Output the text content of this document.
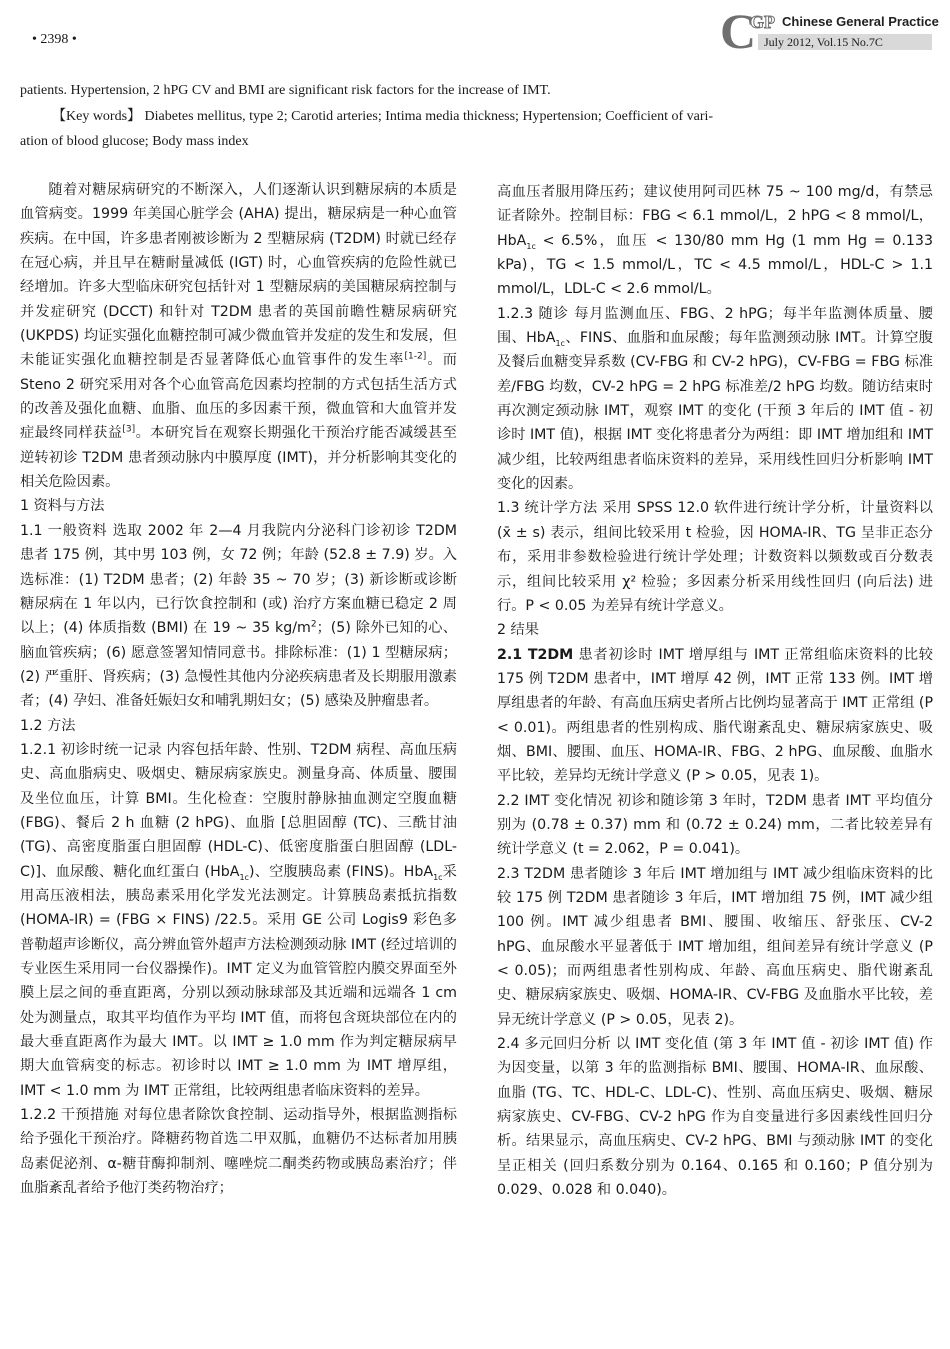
• 2398 •	C
GP Chinese General Practice
July 2012, Vol.15 No.7C
patients. Hypertension, 2 hPG CV and BMI are significant risk factors for the increase of IMT.
【Key words】 Diabetes mellitus, type 2; Carotid arteries; Intima media thickness; Hypertension; Coefficient of vari-
ation of blood glucose; Body mass index

随着对糖尿病研究的不断深入，人们逐渐认识到糖尿病的本质是血管病变。1999 年美国心脏学会 (AHA) 提出，糖尿病是一种心血管疾病。在中国，许多患者刚被诊断为 2 型糖尿病 (T2DM) 时就已经存在冠心病，并且早在糖耐量减低 (IGT) 时，心血管疾病的危险性就已经增加。许多大型临床研究包括针对 1 型糖尿病的美国糖尿病控制与并发症研究 (DCCT) 和针对 T2DM 患者的英国前瞻性糖尿病研究 (UKPDS) 均证实强化血糖控制可减少微血管并发症的发生和发展，但未能证实强化血糖控制是否显著降低心血管事件的发生率[1-2]。而 Steno 2 研究采用对各个心血管高危因素均控制的方式包括生活方式的改善及强化血糖、血脂、血压的多因素干预，微血管和大血管并发症最终同样获益[3]。本研究旨在观察长期强化干预治疗能否减缓甚至逆转初诊 T2DM 患者颈动脉内中膜厚度 (IMT)，并分析影响其变化的相关危险因素。

1 资料与方法

1.1 一般资料 选取 2002 年 2—4 月我院内分泌科门诊初诊 T2DM 患者 175 例，其中男 103 例，女 72 例；年龄 (52.8 ± 7.9) 岁。入选标准：(1) T2DM 患者；(2) 年龄 35 ~ 70 岁；(3) 新诊断或诊断糖尿病在 1 年以内，已行饮食控制和 (或) 治疗方案血糖已稳定 2 周以上；(4) 体质指数 (BMI) 在 19 ~ 35 $kg/m^2$；(5) 除外已知的心、脑血管疾病；(6) 愿意签署知情同意书。排除标准：(1) 1 型糖尿病；(2) 严重肝、肾疾病；(3) 急慢性其他内分泌疾病患者及长期服用激素者；(4) 孕妇、准备妊娠妇女和哺乳期妇女；(5) 感染及肿瘤患者。

1.2 方法

1.2.1 初诊时统一记录 内容包括年龄、性别、T2DM 病程、高血压病史、高血脂病史、吸烟史、糖尿病家族史。测量身高、体质量、腰围及坐位血压，计算 BMI。生化检查：空腹肘静脉抽血测定空腹血糖 (FBG)、餐后 2 h 血糖 (2 hPG)、血脂 [总胆固醇 (TC)、三酰甘油 (TG)、高密度脂蛋白胆固醇 (HDL-C)、低密度脂蛋白胆固醇 (LDL-C)]、血尿酸、糖化血红蛋白 (HbA$_{1c}$)、空腹胰岛素 (FINS)。HbA$_{1c}$采用高压液相法，胰岛素采用化学发光法测定。计算胰岛素抵抗指数 (HOMA-IR) = (FBG × FINS) /22.5。采用 GE 公司 Logis9 彩色多普勒超声诊断仪，高分辨血管外超声方法检测颈动脉 IMT (经过培训的专业医生采用同一台仪器操作)。IMT 定义为血管管腔内膜交界面至外膜上层之间的垂直距离，分别以颈动脉球部及其近端和远端各 1 cm 处为测量点，取其平均值作为平均 IMT 值，而将包含斑块部位在内的最大垂直距离作为最大 IMT。以 IMT ≥ 1.0 mm 作为判定糖尿病早期大血管病变的标志。初诊时以 IMT ≥ 1.0 mm 为 IMT 增厚组，IMT < 1.0 mm 为 IMT 正常组，比较两组患者临床资料的差异。

1.2.2 干预措施 对每位患者除饮食控制、运动指导外，根据监测指标给予强化干预治疗。降糖药物首选二甲双胍，血糖仍不达标者加用胰岛素促泌剂、α-糖苷酶抑制剂、噻唑烷二酮类药物或胰岛素治疗；伴血脂紊乱者给予他汀类药物治疗；

高血压者服用降压药；建议使用阿司匹林 75 ~ 100 mg/d，有禁忌证者除外。控制目标：FBG < 6.1 mmol/L，2 hPG < 8 mmol/L，HbA$_{1c}$ < 6.5%，血压 < 130/80 mm Hg (1 mm Hg = 0.133 kPa)，TG < 1.5 mmol/L，TC < 4.5 mmol/L，HDL-C > 1.1 mmol/L，LDL-C < 2.6 mmol/L。

1.2.3 随诊 每月监测血压、FBG、2 hPG；每半年监测体质量、腰围、HbA$_{1c}$、FINS、血脂和血尿酸；每年监测颈动脉 IMT。计算空腹及餐后血糖变异系数 (CV-FBG 和 CV-2 hPG)，CV-FBG = FBG 标准差/FBG 均数，CV-2 hPG = 2 hPG 标准差/2 hPG 均数。随访结束时再次测定颈动脉 IMT，观察 IMT 的变化 (干预 3 年后的 IMT 值 - 初诊时 IMT 值)，根据 IMT 变化将患者分为两组：即 IMT 增加组和 IMT 减少组，比较两组患者临床资料的差异，采用线性回归分析影响 IMT 变化的因素。

1.3 统计学方法 采用 SPSS 12.0 软件进行统计学分析，计量资料以 (x̄ ± s) 表示，组间比较采用 t 检验，因 HOMA-IR、TG 呈非正态分布，采用非参数检验进行统计学处理；计数资料以频数或百分数表示，组间比较采用 χ² 检验；多因素分析采用线性回归 (向后法) 进行。P < 0.05 为差异有统计学意义。

2 结果

2.1 T2DM 患者初诊时 IMT 增厚组与 IMT 正常组临床资料的比较 175 例 T2DM 患者中，IMT 增厚 42 例，IMT 正常 133 例。IMT 增厚组患者的年龄、有高血压病史者所占比例均显著高于 IMT 正常组 (P < 0.01)。两组患者的性别构成、脂代谢紊乱史、糖尿病家族史、吸烟、BMI、腰围、血压、HOMA-IR、FBG、2 hPG、血尿酸、血脂水平比较，差异均无统计学意义 (P > 0.05，见表 1)。

2.2 IMT 变化情况 初诊和随诊第 3 年时，T2DM 患者 IMT 平均值分别为 (0.78 ± 0.37) mm 和 (0.72 ± 0.24) mm，二者比较差异有统计学意义 (t = 2.062，P = 0.041)。

2.3 T2DM 患者随诊 3 年后 IMT 增加组与 IMT 减少组临床资料的比较 175 例 T2DM 患者随诊 3 年后，IMT 增加组 75 例，IMT 减少组 100 例。IMT 减少组患者 BMI、腰围、收缩压、舒张压、CV-2 hPG、血尿酸水平显著低于 IMT 增加组，组间差异有统计学意义 (P < 0.05)；而两组患者性别构成、年龄、高血压病史、脂代谢紊乱史、糖尿病家族史、吸烟、HOMA-IR、CV-FBG 及血脂水平比较，差异无统计学意义 (P > 0.05，见表 2)。

2.4 多元回归分析 以 IMT 变化值 (第 3 年 IMT 值 - 初诊 IMT 值) 作为因变量，以第 3 年的监测指标 BMI、腰围、HOMA-IR、血尿酸、血脂 (TG、TC、HDL-C、LDL-C)、性别、高血压病史、吸烟、糖尿病家族史、CV-FBG、CV-2 hPG 作为自变量进行多因素线性回归分析。结果显示，高血压病史、CV-2 hPG、BMI 与颈动脉 IMT 的变化呈正相关 (回归系数分别为 0.164、0.165 和 0.160；P 值分别为 0.029、0.028 和 0.040)。
